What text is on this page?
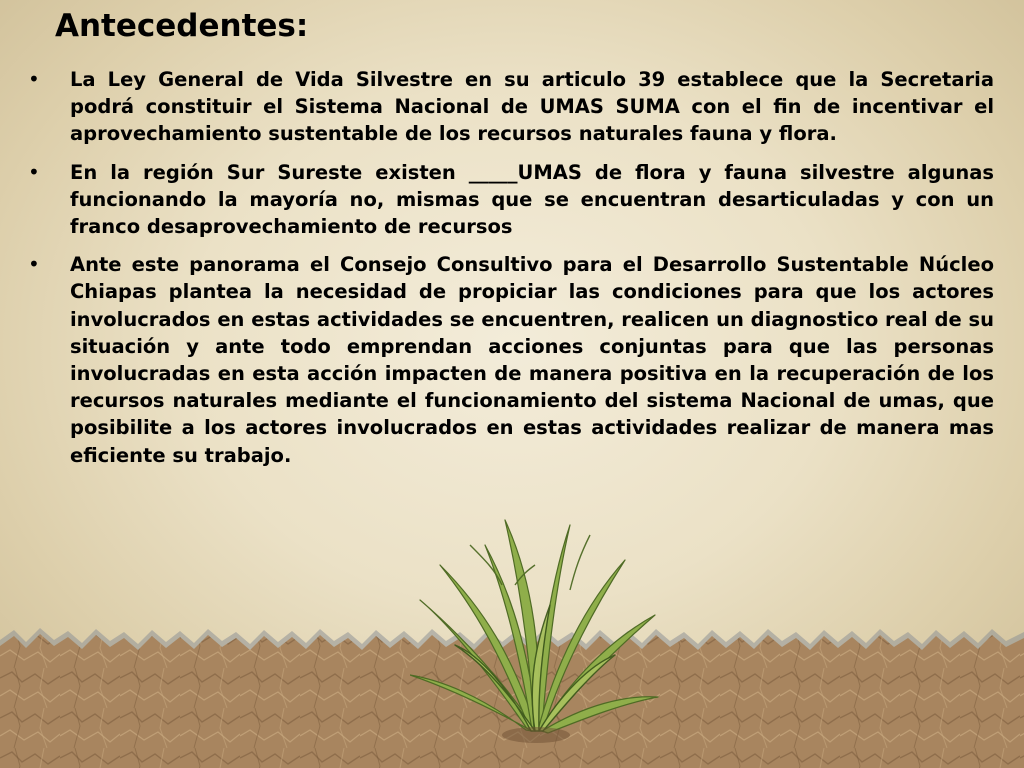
Antecedentes:
• La Ley General de Vida Silvestre en su articulo 39 establece que la Secretaria podrá constituir el Sistema Nacional de UMAS SUMA con el fin de incentivar el aprovechamiento sustentable de los recursos naturales fauna y flora.
• En la región Sur Sureste existen _____UMAS de flora y fauna silvestre algunas funcionando la mayoría no, mismas que se encuentran desarticuladas y con un franco desaprovechamiento de recursos
• Ante este panorama el Consejo Consultivo para el Desarrollo Sustentable Núcleo Chiapas plantea la necesidad de propiciar las condiciones para que los actores involucrados en estas actividades se encuentren, realicen un diagnostico real de su situación y ante todo emprendan acciones conjuntas para que las personas involucradas en esta acción impacten de manera positiva en la recuperación de los recursos naturales mediante el funcionamiento del sistema Nacional de umas, que posibilite a los actores involucrados en estas actividades realizar de manera mas eficiente su trabajo.
